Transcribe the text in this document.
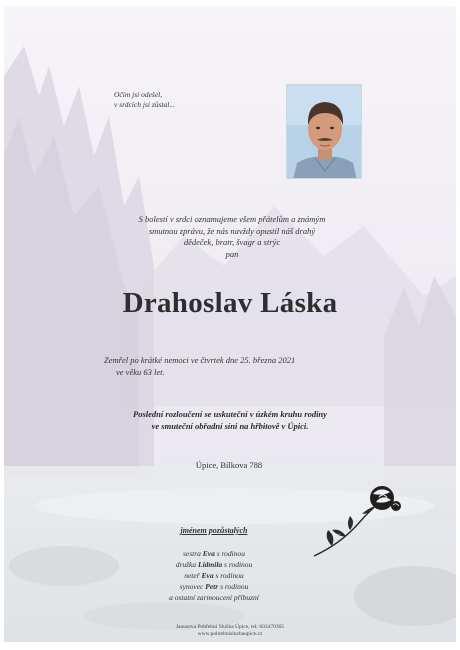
Očím jsi odešel,
v srdcích jsi zůstal...
S bolestí v srdci oznamujeme všem přátelům a známým
smutnou zprávu, že nás navždy opustil náš drahý
dědeček, bratr, švagr a strýc
pan
Drahoslav Láska
Zemřel po krátké nemoci ve čtvrtek dne 25. března 2021
ve věku 63 let.
Poslední rozloučení se uskuteční v úzkém kruhu rodiny
ve smuteční obřadní síni na hřbitově v Úpici.
Úpice, Bílkova 788
jménem pozůstalých
sestra Eva s rodinou
družka Lidmila s rodinou
neteř Eva s rodinou
synovec Petr s rodinou
a ostatní zarmoucení příbuzní
Janusova Pohřební Služba Úpice, tel: 603470305
www.pohrebnisluzbaupice.cz
